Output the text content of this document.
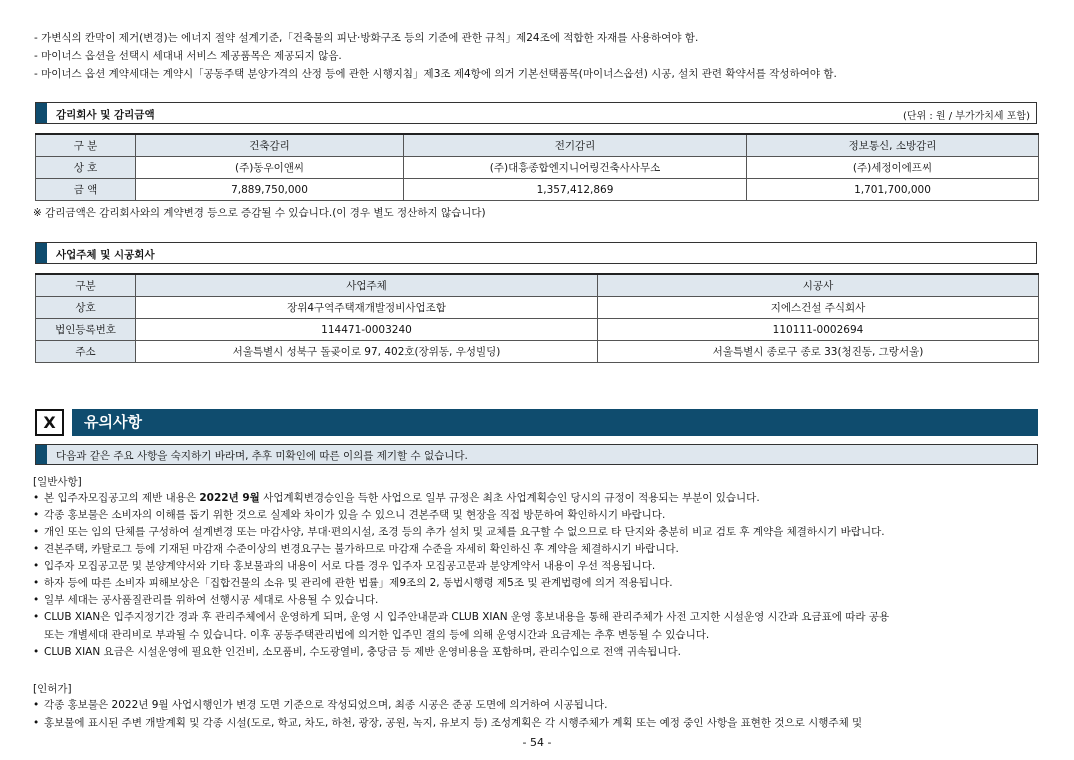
- 가변식의 칸막이 제거(변경)는 에너지 절약 설계기준,「건축물의 피난·방화구조 등의 기준에 관한 규칙」제24조에 적합한 자재를 사용하여야 함.
- 마이너스 옵션을 선택시 세대내 서비스 제공품목은 제공되지 않음.
- 마이너스 옵션 계약세대는 계약시「공동주택 분양가격의 산정 등에 관한 시행지침」제3조 제4항에 의거 기본선택품목(마이너스옵션) 시공, 설치 관련 확약서를 작성하여야 함.
감리회사 및 감리금액	(단위 : 원 / 부가가치세 포함)
구 분	건축감리	전기감리	정보통신, 소방감리
상 호	(주)동우이앤씨	(주)대흥종합엔지니어링건축사사무소	(주)세정이에프씨
금 액	7,889,750,000	1,357,412,869	1,701,700,000
※ 감리금액은 감리회사와의 계약변경 등으로 증감될 수 있습니다.(이 경우 별도 정산하지 않습니다)
사업주체 및 시공회사
구분	사업주체	시공사
상호	장위4구역주택재개발정비사업조합	지에스건설 주식회사
법인등록번호	114471-0003240	110111-0002694
주소	서울특별시 성북구 돌곶이로 97, 402호(장위동, 우성빌딩)	서울특별시 종로구 종로 33(청진동, 그랑서울)
X	유의사항
다음과 같은 주요 사항을 숙지하기 바라며, 추후 미확인에 따른 이의를 제기할 수 없습니다.
[일반사항]
• 본 입주자모집공고의 제반 내용은 2022년 9월 사업계획변경승인을 득한 사업으로 일부 규정은 최초 사업계획승인 당시의 규정이 적용되는 부분이 있습니다.
• 각종 홍보물은 소비자의 이해를 돕기 위한 것으로 실제와 차이가 있을 수 있으니 견본주택 및 현장을 직접 방문하여 확인하시기 바랍니다.
• 개인 또는 임의 단체를 구성하여 설계변경 또는 마감사양, 부대·편의시설, 조경 등의 추가 설치 및 교체를 요구할 수 없으므로 타 단지와 충분히 비교 검토 후 계약을 체결하시기 바랍니다.
• 견본주택, 카탈로그 등에 기재된 마감재 수준이상의 변경요구는 불가하므로 마감재 수준을 자세히 확인하신 후 계약을 체결하시기 바랍니다.
• 입주자 모집공고문 및 분양계약서와 기타 홍보물과의 내용이 서로 다를 경우 입주자 모집공고문과 분양계약서 내용이 우선 적용됩니다.
• 하자 등에 따른 소비자 피해보상은「집합건물의 소유 및 관리에 관한 법률」제9조의 2, 동법시행령 제5조 및 관계법령에 의거 적용됩니다.
• 일부 세대는 공사품질관리를 위하여 선행시공 세대로 사용될 수 있습니다.
• CLUB XIAN은 입주지정기간 경과 후 관리주체에서 운영하게 되며, 운영 시 입주안내문과 CLUB XIAN 운영 홍보내용을 통해 관리주체가 사전 고지한 시설운영 시간과 요금표에 따라 공용
또는 개별세대 관리비로 부과될 수 있습니다. 이후 공동주택관리법에 의거한 입주민 결의 등에 의해 운영시간과 요금제는 추후 변동될 수 있습니다.
• CLUB XIAN 요금은 시설운영에 필요한 인건비, 소모품비, 수도광열비, 충당금 등 제반 운영비용을 포함하며, 관리수입으로 전액 귀속됩니다.
[인허가]
• 각종 홍보물은 2022년 9월 사업시행인가 변경 도면 기준으로 작성되었으며, 최종 시공은 준공 도면에 의거하여 시공됩니다.
• 홍보물에 표시된 주변 개발계획 및 각종 시설(도로, 학교, 차도, 하천, 광장, 공원, 녹지, 유보지 등) 조성계획은 각 시행주체가 계획 또는 예정 중인 사항을 표현한 것으로 시행주체 및
- 54 -
